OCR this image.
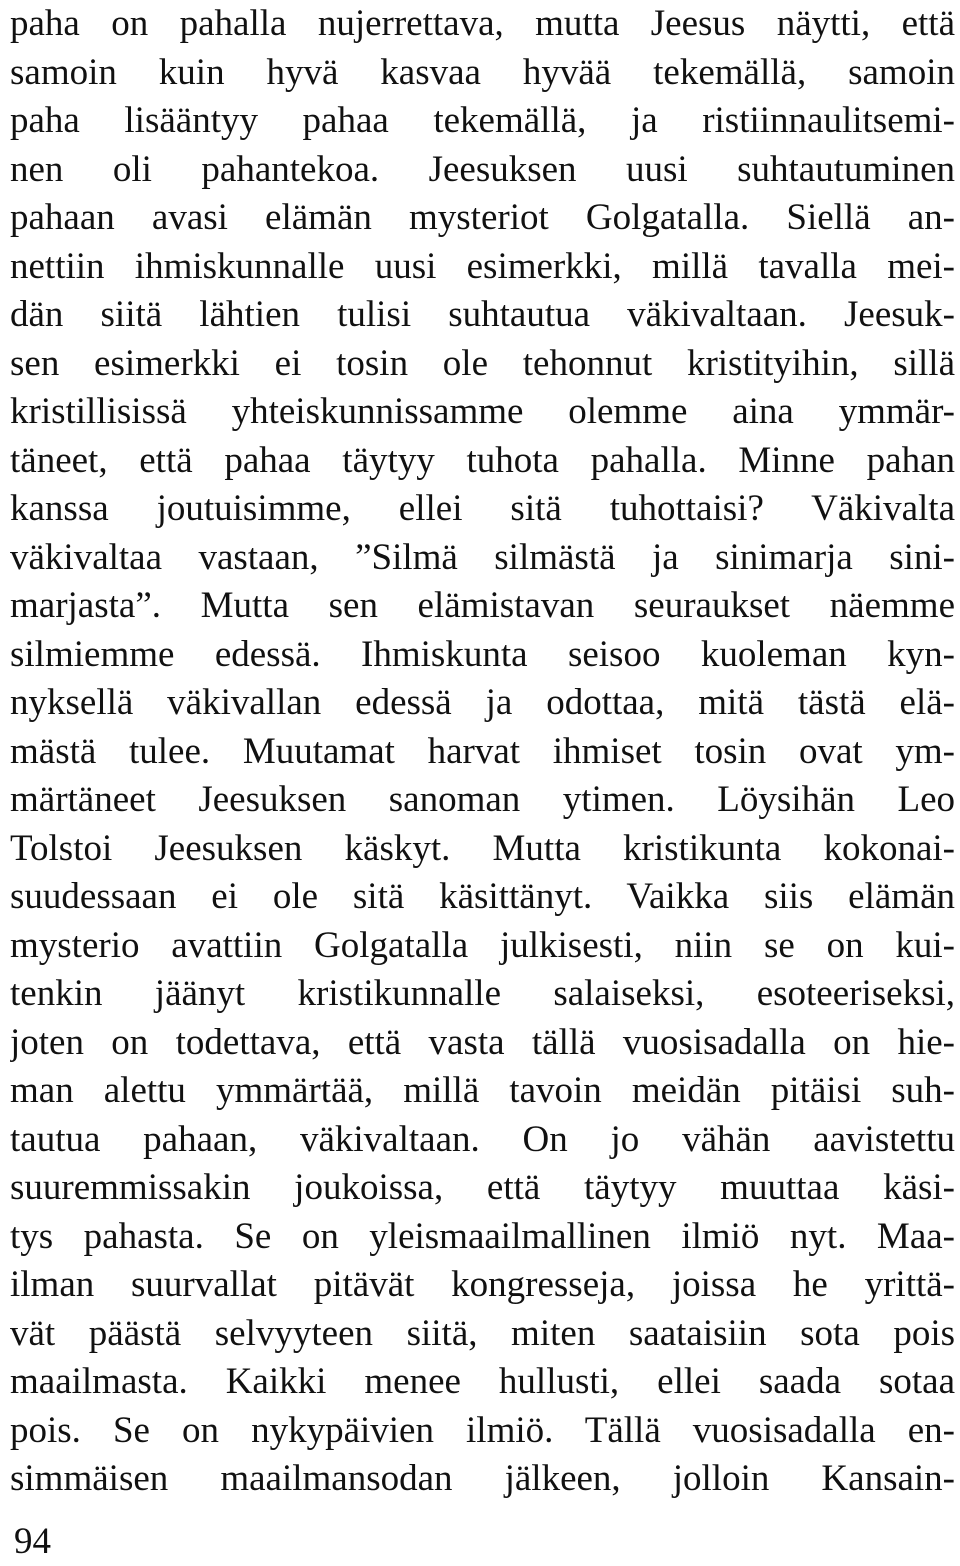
paha on pahalla nujerrettava, mutta Jeesus näytti, että
samoin kuin hyvä kasvaa hyvää tekemällä, samoin
paha lisääntyy pahaa tekemällä, ja ristiinnaulitsemi-
nen oli pahantekoa. Jeesuksen uusi suhtautuminen
pahaan avasi elämän mysteriot Golgatalla. Siellä an-
nettiin ihmiskunnalle uusi esimerkki, millä tavalla mei-
dän siitä lähtien tulisi suhtautua väkivaltaan. Jeesuk-
sen esimerkki ei tosin ole tehonnut kristityihin, sillä
kristillisissä yhteiskunnissamme olemme aina ymmär-
täneet, että pahaa täytyy tuhota pahalla. Minne pahan
kanssa joutuisimme, ellei sitä tuhottaisi? Väkivalta
väkivaltaa vastaan, ”Silmä silmästä ja sinimarja sini-
marjasta”. Mutta sen elämistavan seuraukset näemme
silmiemme edessä. Ihmiskunta seisoo kuoleman kyn-
nyksellä väkivallan edessä ja odottaa, mitä tästä elä-
mästä tulee. Muutamat harvat ihmiset tosin ovat ym-
märtäneet Jeesuksen sanoman ytimen. Löysihän Leo
Tolstoi Jeesuksen käskyt. Mutta kristikunta kokonai-
suudessaan ei ole sitä käsittänyt. Vaikka siis elämän
mysterio avattiin Golgatalla julkisesti, niin se on kui-
tenkin jäänyt kristikunnalle salaiseksi, esoteeriseksi,
joten on todettava, että vasta tällä vuosisadalla on hie-
man alettu ymmärtää, millä tavoin meidän pitäisi suh-
tautua pahaan, väkivaltaan. On jo vähän aavistettu
suuremmissakin joukoissa, että täytyy muuttaa käsi-
tys pahasta. Se on yleismaailmallinen ilmiö nyt. Maa-
ilman suurvallat pitävät kongresseja, joissa he yrittä-
vät päästä selvyyteen siitä, miten saataisiin sota pois
maailmasta. Kaikki menee hullusti, ellei saada sotaa
pois. Se on nykypäivien ilmiö. Tällä vuosisadalla en-
simmäisen maailmansodan jälkeen, jolloin Kansain-
94
